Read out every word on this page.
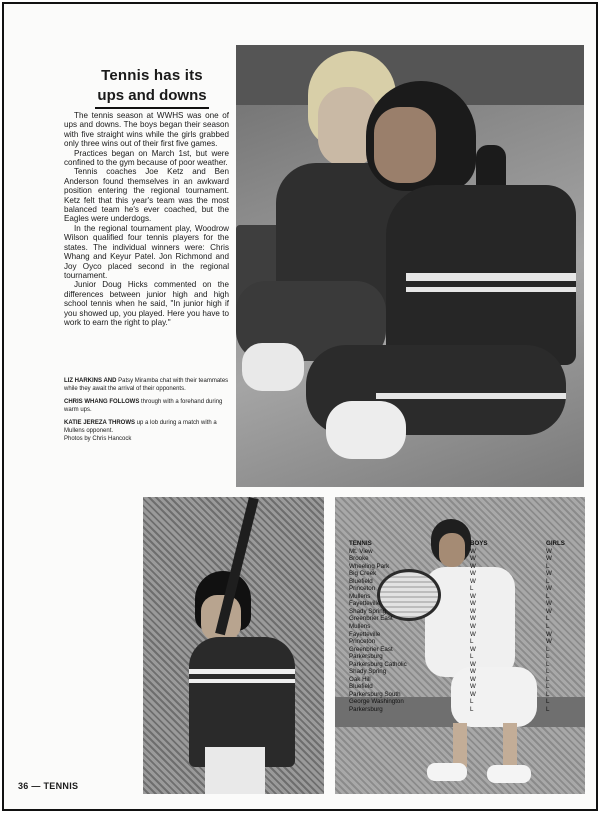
Tennis has its
ups and downs

The tennis season at WWHS was one of ups and downs. The boys began their season with five straight wins while the girls grabbed only three wins out of their first five games.

Practices began on March 1st, but were confined to the gym because of poor weather.

Tennis coaches Joe Ketz and Ben Anderson found themselves in an awkward position entering the regional tournament. Ketz felt that this year's team was the most balanced team he's ever coached, but the Eagles were underdogs.

In the regional tournament play, Woodrow Wilson qualified four tennis players for the states. The individual winners were: Chris Whang and Keyur Patel. Jon Richmond and Joy Oyco placed second in the regional tournament.

Junior Doug Hicks commented on the differences between junior high and high school tennis when he said, "In junior high if you showed up, you played. Here you have to work to earn the right to play."

LIZ HARKINS AND Patsy Miramba chat with their teammates while they await the arrival of their opponents.

CHRIS WHANG FOLLOWS through with a forehand during warm ups.

KATIE JEREZA THROWS up a lob during a match with a Mullens opponent.

Photos by Chris Hancock

TENNIS	BOYS	GIRLS
Mt. View	W	W
Brooke	W	W
Wheeling Park	W	L
Big Creek	W	W
Bluefield	W	L
Princeton	L	W
Mullens	W	L
Fayetteville	W	W
Shady Spring	W	W
Greenbrier East	W	L
Mullens	W	L
Fayetteville	W	W
Princeton	L	W
Greenbrier East	W	L
Parkersburg	L	L
Parkersburg Catholic	W	L
Shady Spring	W	L
Oak Hill	W	L
Bluefield	W	L
Parkersburg South	W	L
George Washington	L	L
Parkersburg	L	L
36 — TENNIS
